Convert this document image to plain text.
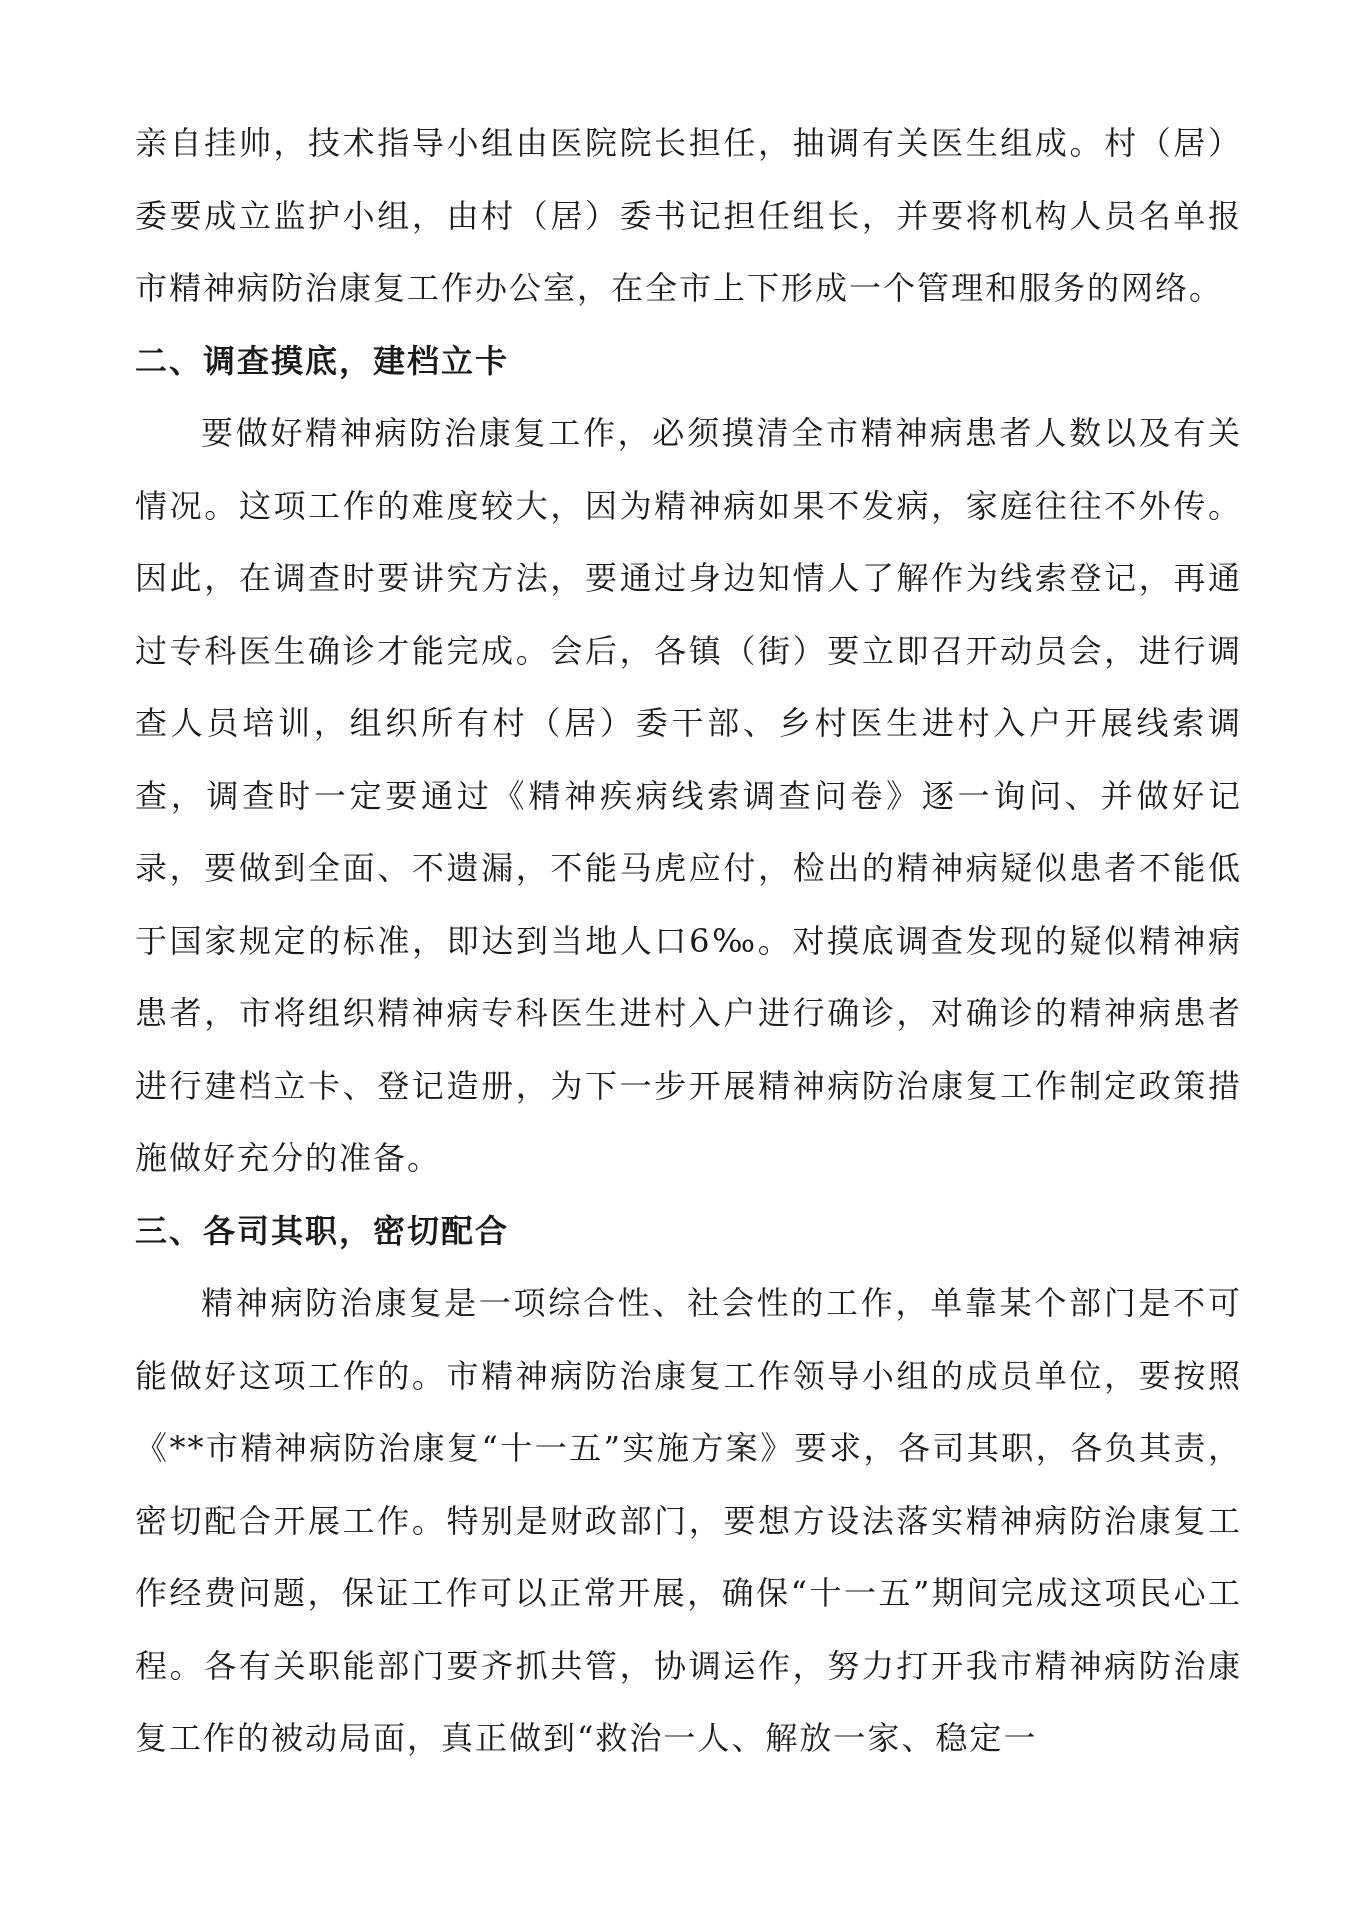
亲自挂帅，技术指导小组由医院院长担任，抽调有关医生组成。村（居）委要成立监护小组，由村（居）委书记担任组长，并要将机构人员名单报市精神病防治康复工作办公室，在全市上下形成一个管理和服务的网络。

二、调查摸底，建档立卡

要做好精神病防治康复工作，必须摸清全市精神病患者人数以及有关情况。这项工作的难度较大，因为精神病如果不发病，家庭往往不外传。因此，在调查时要讲究方法，要通过身边知情人了解作为线索登记，再通过专科医生确诊才能完成。会后，各镇（街）要立即召开动员会，进行调查人员培训，组织所有村（居）委干部、乡村医生进村入户开展线索调查，调查时一定要通过《精神疾病线索调查问卷》逐一询问、并做好记录，要做到全面、不遗漏，不能马虎应付，检出的精神病疑似患者不能低于国家规定的标准，即达到当地人口6‰。对摸底调查发现的疑似精神病患者，市将组织精神病专科医生进村入户进行确诊，对确诊的精神病患者进行建档立卡、登记造册，为下一步开展精神病防治康复工作制定政策措施做好充分的准备。

三、各司其职，密切配合

精神病防治康复是一项综合性、社会性的工作，单靠某个部门是不可能做好这项工作的。市精神病防治康复工作领导小组的成员单位，要按照《**市精神病防治康复“十一五”实施方案》要求，各司其职，各负其责，密切配合开展工作。特别是财政部门，要想方设法落实精神病防治康复工作经费问题，保证工作可以正常开展，确保“十一五”期间完成这项民心工程。各有关职能部门要齐抓共管，协调运作，努力打开我市精神病防治康复工作的被动局面，真正做到“救治一人、解放一家、稳定一
